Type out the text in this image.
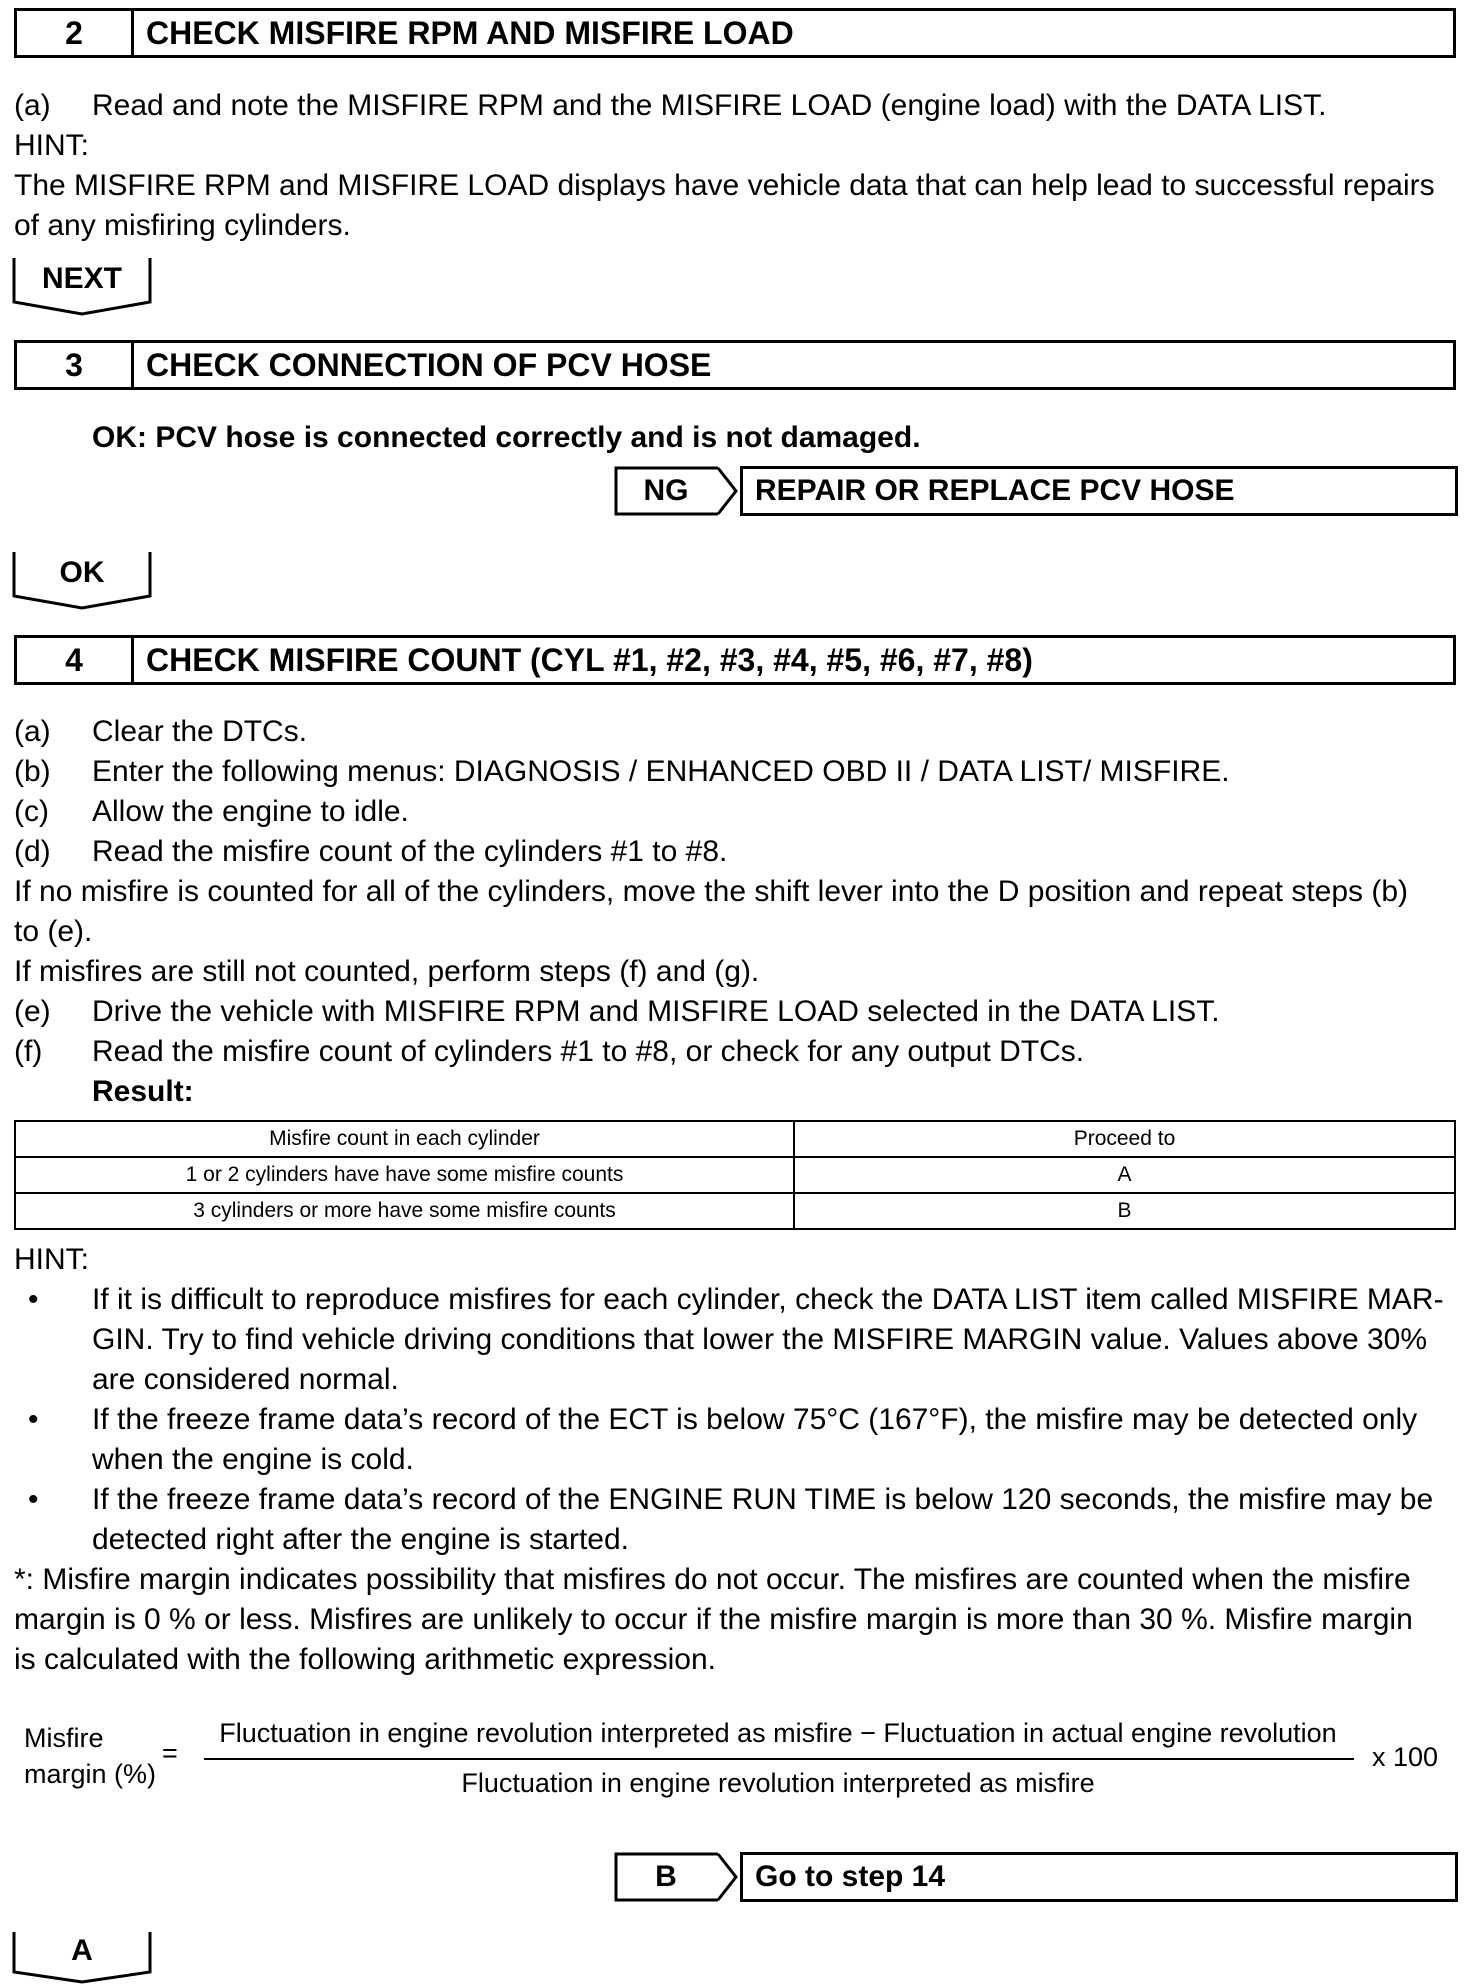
2	CHECK MISFIRE RPM AND MISFIRE LOAD
(a) Read and note the MISFIRE RPM and the MISFIRE LOAD (engine load) with the DATA LIST.
HINT:
The MISFIRE RPM and MISFIRE LOAD displays have vehicle data that can help lead to successful repairs
of any misfiring cylinders.
NEXT
3	CHECK CONNECTION OF PCV HOSE
OK: PCV hose is connected correctly and is not damaged.
NG	REPAIR OR REPLACE PCV HOSE
OK
4	CHECK MISFIRE COUNT (CYL #1, #2, #3, #4, #5, #6, #7, #8)
(a) Clear the DTCs.
(b) Enter the following menus: DIAGNOSIS / ENHANCED OBD II / DATA LIST/ MISFIRE.
(c) Allow the engine to idle.
(d) Read the misfire count of the cylinders #1 to #8.
If no misfire is counted for all of the cylinders, move the shift lever into the D position and repeat steps (b)
to (e).
If misfires are still not counted, perform steps (f) and (g).
(e) Drive the vehicle with MISFIRE RPM and MISFIRE LOAD selected in the DATA LIST.
(f) Read the misfire count of cylinders #1 to #8, or check for any output DTCs.
Result:
Misfire count in each cylinder	Proceed to
1 or 2 cylinders have have some misfire counts	A
3 cylinders or more have some misfire counts	B
HINT:
• If it is difficult to reproduce misfires for each cylinder, check the DATA LIST item called MISFIRE MAR-
GIN. Try to find vehicle driving conditions that lower the MISFIRE MARGIN value. Values above 30%
are considered normal.
• If the freeze frame data’s record of the ECT is below 75°C (167°F), the misfire may be detected only
when the engine is cold.
• If the freeze frame data’s record of the ENGINE RUN TIME is below 120 seconds, the misfire may be
detected right after the engine is started.
*: Misfire margin indicates possibility that misfires do not occur. The misfires are counted when the misfire
margin is 0 % or less. Misfires are unlikely to occur if the misfire margin is more than 30 %. Misfire margin
is calculated with the following arithmetic expression.
Misfire
margin (%)
=
Fluctuation in engine revolution interpreted as misfire − Fluctuation in actual engine revolution
Fluctuation in engine revolution interpreted as misfire
x 100
B	Go to step 14
A
